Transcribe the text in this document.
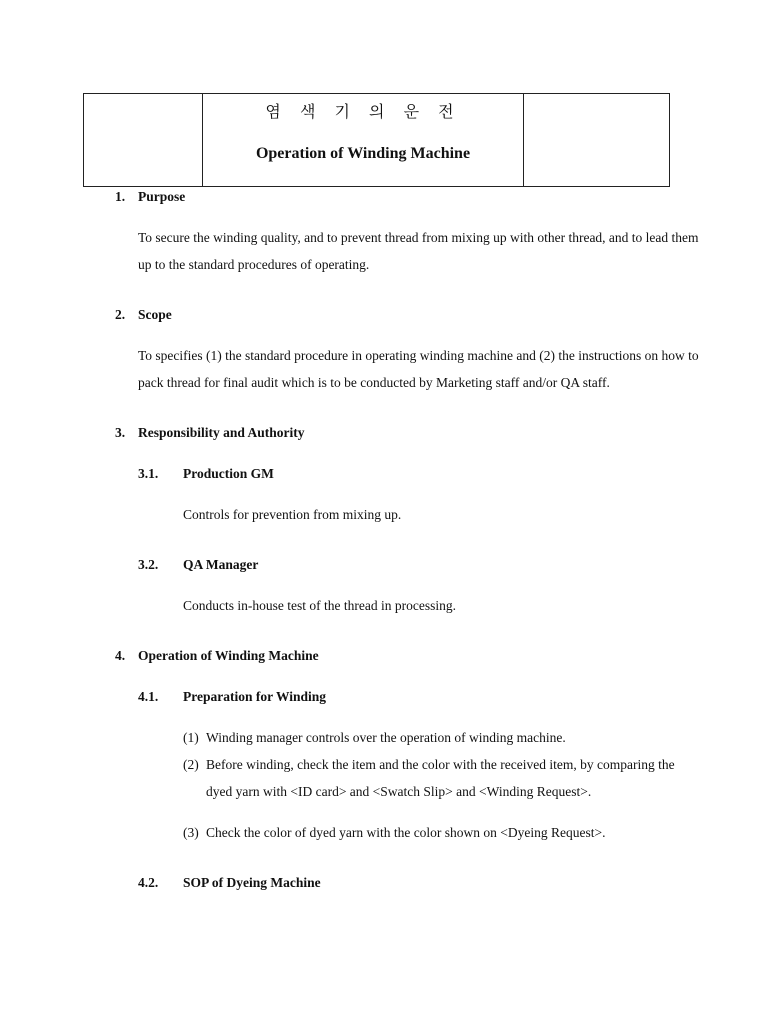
염 색 기 의 운 전
Operation of Winding Machine
1. Purpose
To secure the winding quality, and to prevent thread from mixing up with other thread, and to lead them
up to the standard procedures of operating.
2. Scope
To specifies (1) the standard procedure in operating winding machine and (2) the instructions on how to
pack thread for final audit which is to be conducted by Marketing staff and/or QA staff.
3. Responsibility and Authority
3.1. Production GM
Controls for prevention from mixing up.
3.2. QA Manager
Conducts in-house test of the thread in processing.
4. Operation of Winding Machine
4.1. Preparation for Winding
(1) Winding manager controls over the operation of winding machine.
(2) Before winding, check the item and the color with the received item, by comparing the
dyed yarn with <ID card> and <Swatch Slip> and <Winding Request>.
(3) Check the color of dyed yarn with the color shown on <Dyeing Request>.
4.2. SOP of Dyeing Machine
